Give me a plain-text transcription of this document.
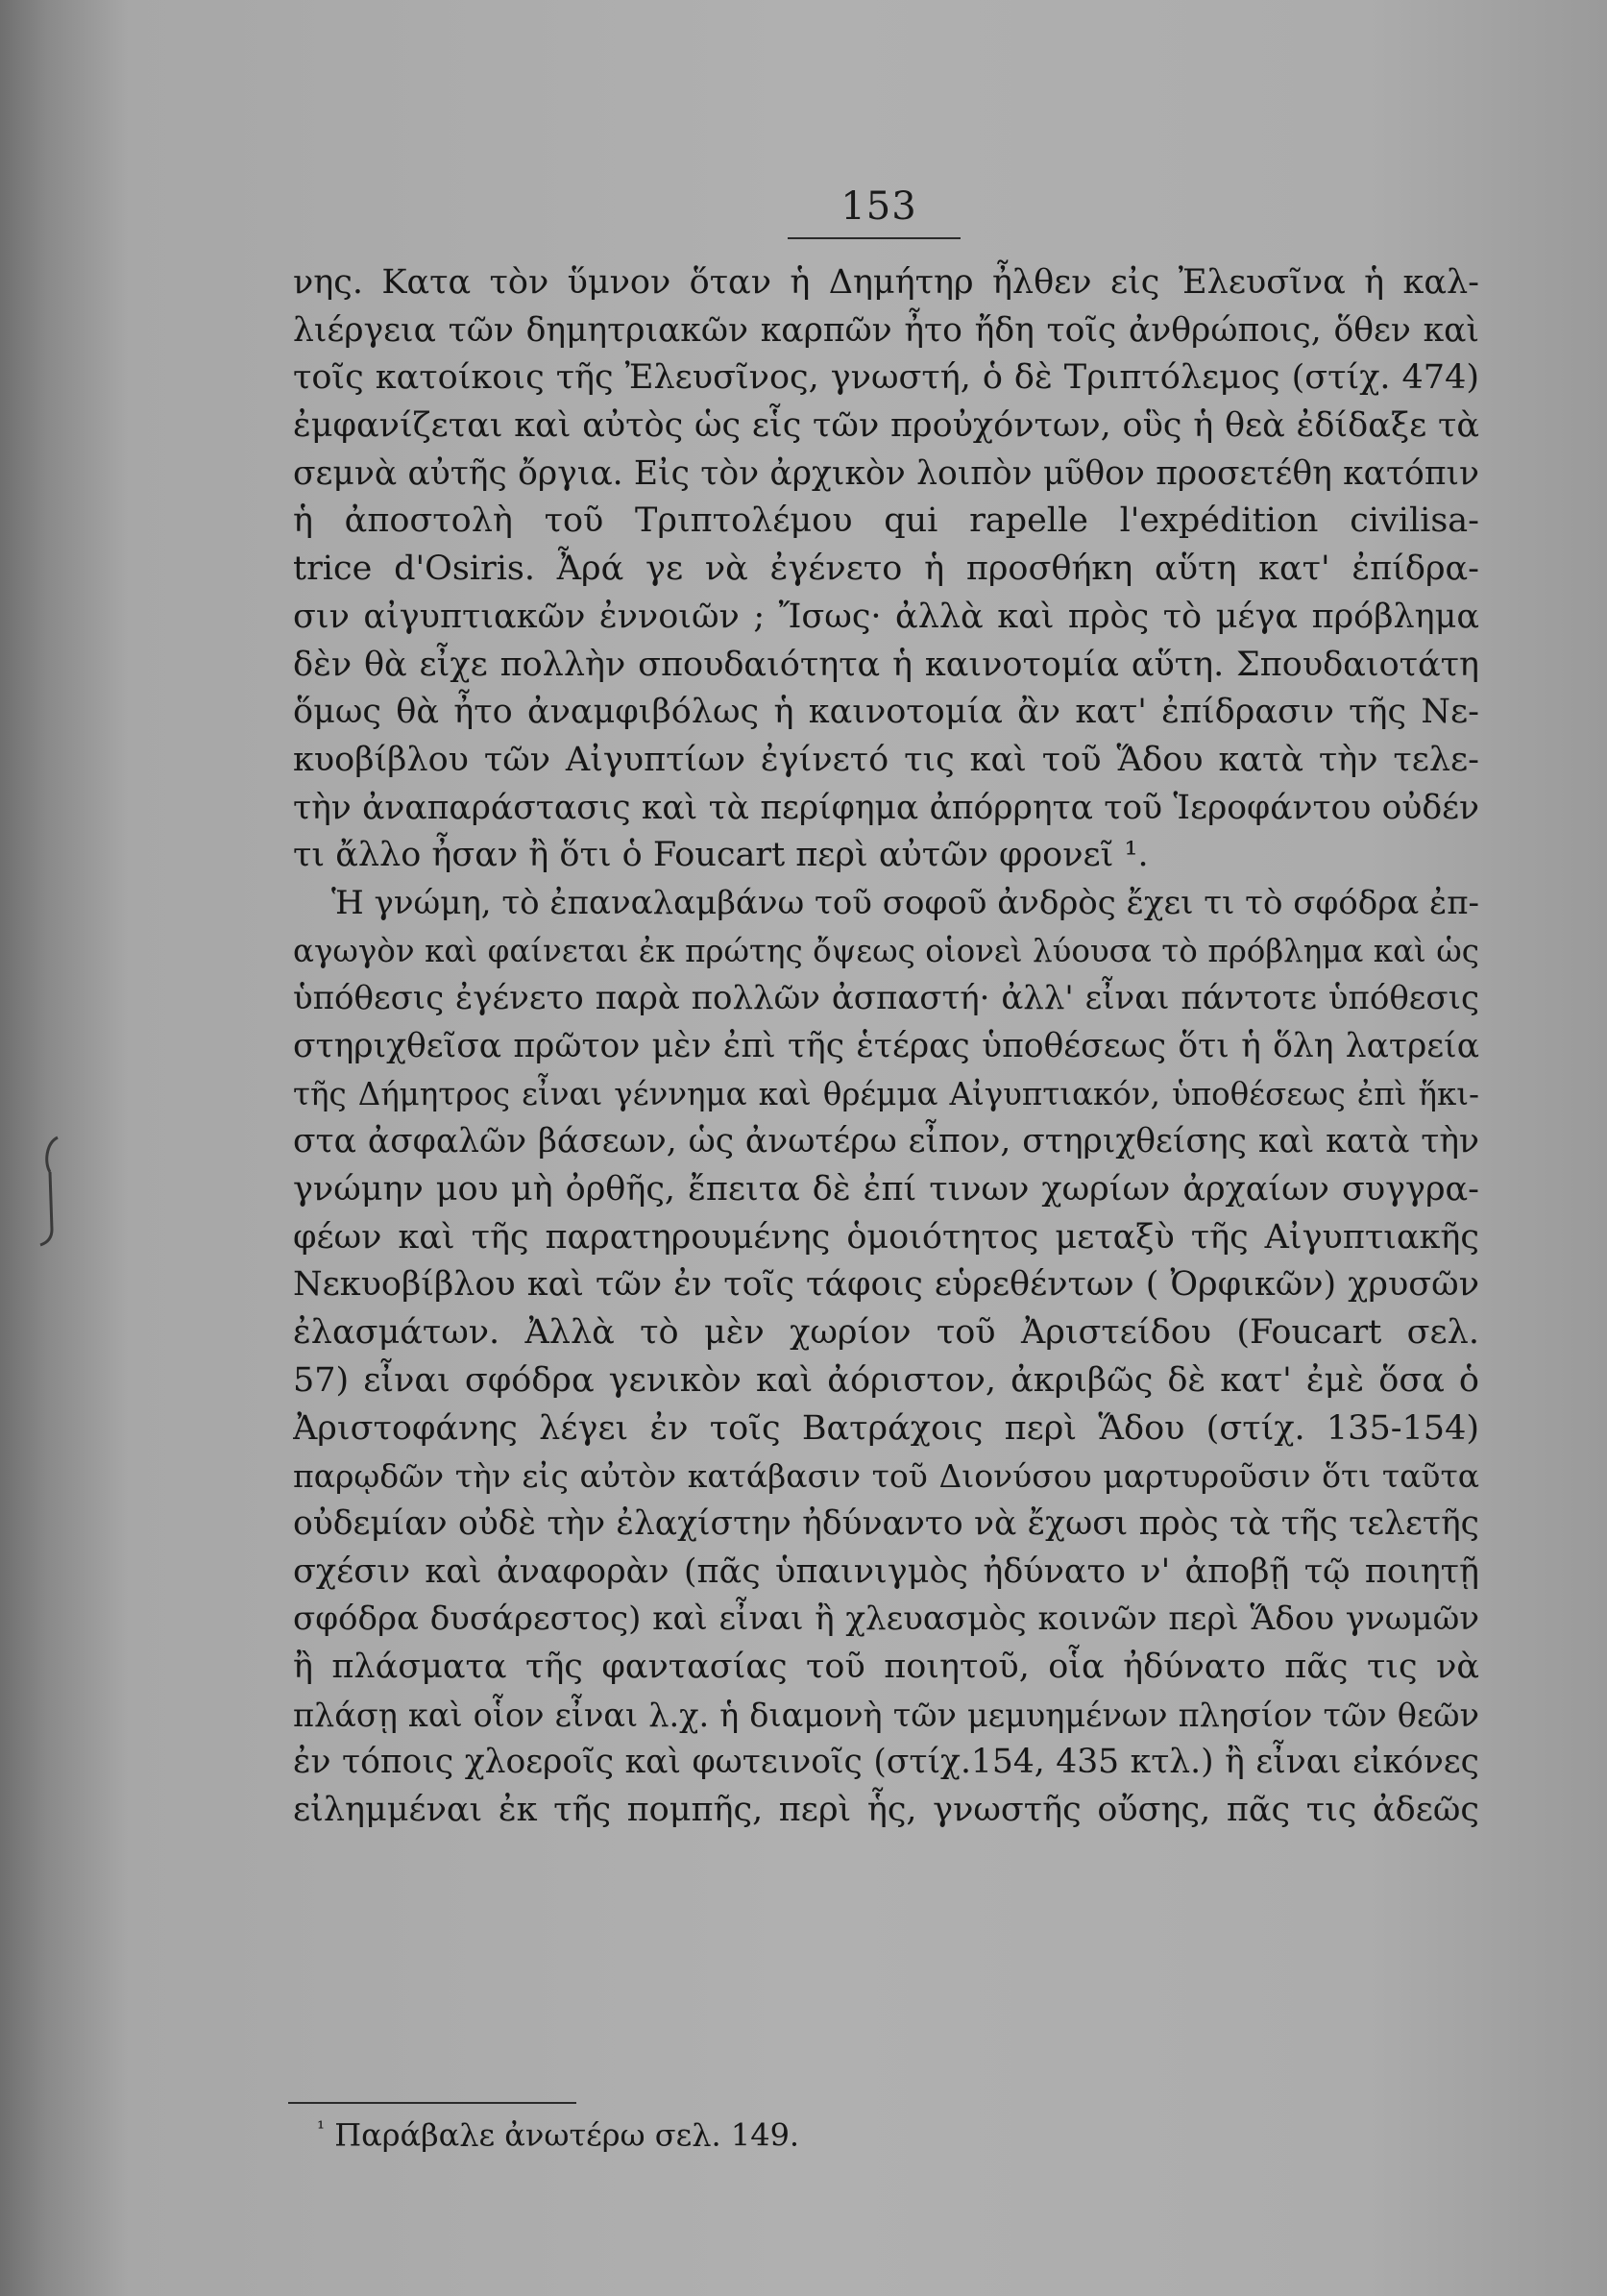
153
νης. Κατα τὸν ὕμνον ὅταν ἡ Δημήτηρ ἦλθεν εἰς Ἐλευσῖνα ἡ καλ-
λιέργεια τῶν δημητριακῶν καρπῶν ἦτο ἤδη τοῖς ἀνθρώποις, ὅθεν καὶ
τοῖς κατοίκοις τῆς Ἐλευσῖνος, γνωστή, ὁ δὲ Τριπτόλεμος (στίχ. 474)
ἐμφανίζεται καὶ αὐτὸς ὡς εἷς τῶν προὐχόντων, οὓς ἡ θεὰ ἐδίδαξε τὰ
σεμνὰ αὐτῆς ὄργια. Εἰς τὸν ἀρχικὸν λοιπὸν μῦθον προσετέθη κατόπιν
ἡ ἀποστολὴ τοῦ Τριπτολέμου qui rapelle l'expédition civilisa-
trice d'Osiris. Ἆρά γε νὰ ἐγένετο ἡ προσθήκη αὕτη κατ' ἐπίδρα-
σιν αἰγυπτιακῶν ἐννοιῶν ; Ἴσως· ἀλλὰ καὶ πρὸς τὸ μέγα πρόβλημα
δὲν θὰ εἶχε πολλὴν σπουδαιότητα ἡ καινοτομία αὕτη. Σπουδαιοτάτη
ὅμως θὰ ἦτο ἀναμφιβόλως ἡ καινοτομία ἂν κατ' ἐπίδρασιν τῆς Νε-
κυοβίβλου τῶν Αἰγυπτίων ἐγίνετό τις καὶ τοῦ Ἅδου κατὰ τὴν τελε-
τὴν ἀναπαράστασις καὶ τὰ περίφημα ἀπόρρητα τοῦ Ἱεροφάντου οὐδέν
τι ἄλλο ἦσαν ἢ ὅτι ὁ Foucart περὶ αὐτῶν φρονεῖ ¹.
Ἡ γνώμη, τὸ ἐπαναλαμβάνω τοῦ σοφοῦ ἀνδρὸς ἔχει τι τὸ σφόδρα ἐπ-
αγωγὸν καὶ φαίνεται ἐκ πρώτης ὄψεως οἱονεὶ λύουσα τὸ πρόβλημα καὶ ὡς
ὑπόθεσις ἐγένετο παρὰ πολλῶν ἀσπαστή· ἀλλ' εἶναι πάντοτε ὑπόθεσις
στηριχθεῖσα πρῶτον μὲν ἐπὶ τῆς ἑτέρας ὑποθέσεως ὅτι ἡ ὅλη λατρεία
τῆς Δήμητρος εἶναι γέννημα καὶ θρέμμα Αἰγυπτιακόν, ὑποθέσεως ἐπὶ ἥκι-
στα ἀσφαλῶν βάσεων, ὡς ἀνωτέρω εἶπον, στηριχθείσης καὶ κατὰ τὴν
γνώμην μου μὴ ὀρθῆς, ἔπειτα δὲ ἐπί τινων χωρίων ἀρχαίων συγγρα-
φέων καὶ τῆς παρατηρουμένης ὁμοιότητος μεταξὺ τῆς Αἰγυπτιακῆς
Νεκυοβίβλου καὶ τῶν ἐν τοῖς τάφοις εὑρεθέντων ( Ὀρφικῶν) χρυσῶν
ἐλασμάτων. Ἀλλὰ τὸ μὲν χωρίον τοῦ Ἀριστείδου (Foucart σελ.
57) εἶναι σφόδρα γενικὸν καὶ ἀόριστον, ἀκριβῶς δὲ κατ' ἐμὲ ὅσα ὁ
Ἀριστοφάνης λέγει ἐν τοῖς Βατράχοις περὶ Ἅδου (στίχ. 135-154)
παρῳδῶν τὴν εἰς αὐτὸν κατάβασιν τοῦ Διονύσου μαρτυροῦσιν ὅτι ταῦτα
οὐδεμίαν οὐδὲ τὴν ἐλαχίστην ἠδύναντο νὰ ἔχωσι πρὸς τὰ τῆς τελετῆς
σχέσιν καὶ ἀναφορὰν (πᾶς ὑπαινιγμὸς ἠδύνατο ν' ἀποβῇ τῷ ποιητῇ
σφόδρα δυσάρεστος) καὶ εἶναι ἢ χλευασμὸς κοινῶν περὶ Ἅδου γνωμῶν
ἢ πλάσματα τῆς φαντασίας τοῦ ποιητοῦ, οἷα ἠδύνατο πᾶς τις νὰ
πλάσῃ καὶ οἷον εἶναι λ.χ. ἡ διαμονὴ τῶν μεμυημένων πλησίον τῶν θεῶν
ἐν τόποις χλοεροῖς καὶ φωτεινοῖς (στίχ.154, 435 κτλ.) ἢ εἶναι εἰκόνες
εἰλημμέναι ἐκ τῆς πομπῆς, περὶ ἧς, γνωστῆς οὔσης, πᾶς τις ἀδεῶς
$^{^1}$ Παράβαλε ἀνωτέρω σελ. 149.
